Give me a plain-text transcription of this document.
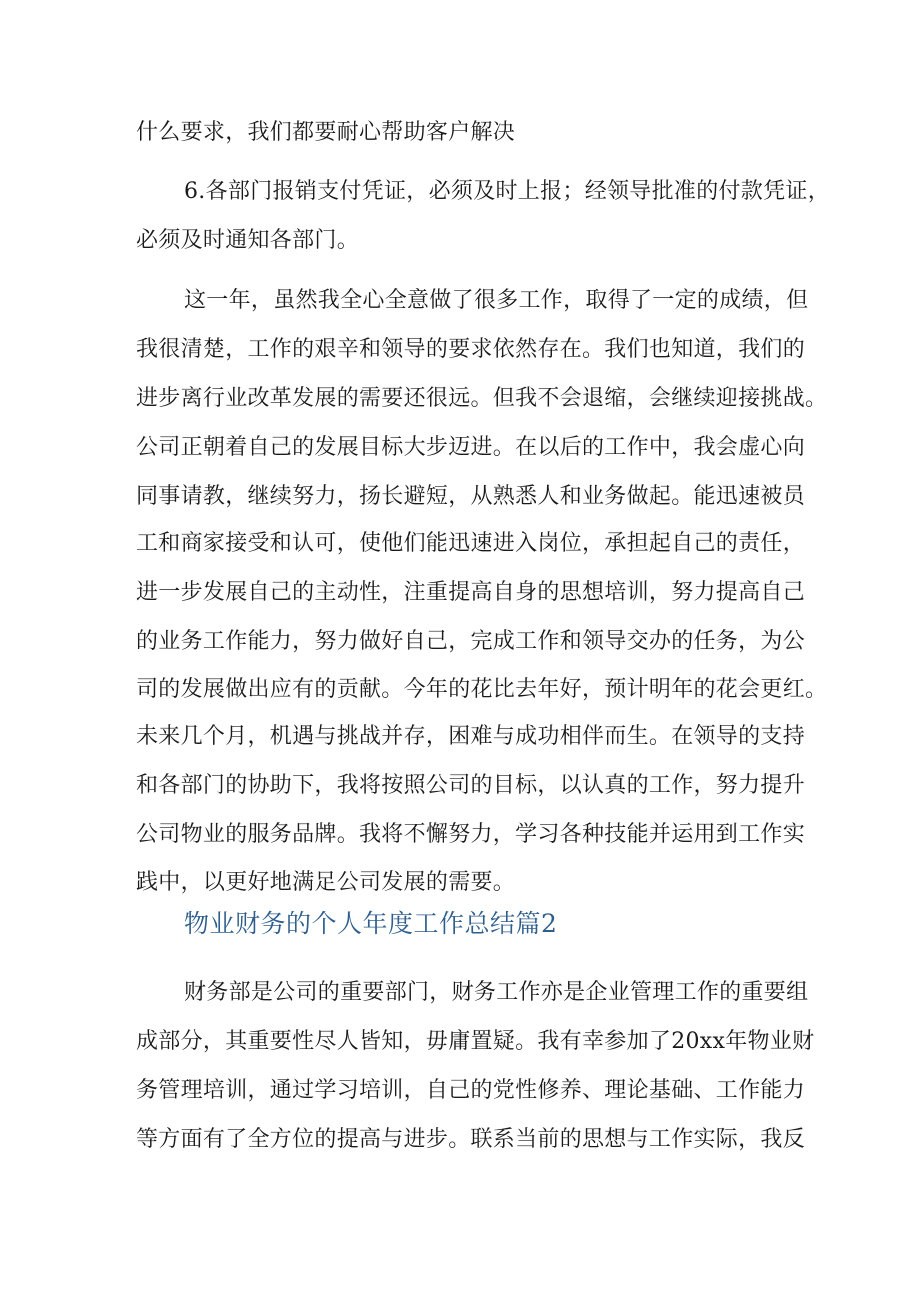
什么要求，我们都要耐心帮助客户解决
6.各部门报销支付凭证，必须及时上报；经领导批准的付款凭证，
必须及时通知各部门。
这一年，虽然我全心全意做了很多工作，取得了一定的成绩，但
我很清楚，工作的艰辛和领导的要求依然存在。我们也知道，我们的
进步离行业改革发展的需要还很远。但我不会退缩，会继续迎接挑战。
公司正朝着自己的发展目标大步迈进。在以后的工作中，我会虚心向
同事请教，继续努力，扬长避短，从熟悉人和业务做起。能迅速被员
工和商家接受和认可，使他们能迅速进入岗位，承担起自己的责任，
进一步发展自己的主动性，注重提高自身的思想培训，努力提高自己
的业务工作能力，努力做好自己，完成工作和领导交办的任务，为公
司的发展做出应有的贡献。今年的花比去年好，预计明年的花会更红。
未来几个月，机遇与挑战并存，困难与成功相伴而生。在领导的支持
和各部门的协助下，我将按照公司的目标，以认真的工作，努力提升
公司物业的服务品牌。我将不懈努力，学习各种技能并运用到工作实
践中，以更好地满足公司发展的需要。
物业财务的个人年度工作总结篇2
财务部是公司的重要部门，财务工作亦是企业管理工作的重要组
成部分，其重要性尽人皆知，毋庸置疑。我有幸参加了20xx年物业财
务管理培训，通过学习培训，自己的党性修养、理论基础、工作能力
等方面有了全方位的提高与进步。联系当前的思想与工作实际，我反
